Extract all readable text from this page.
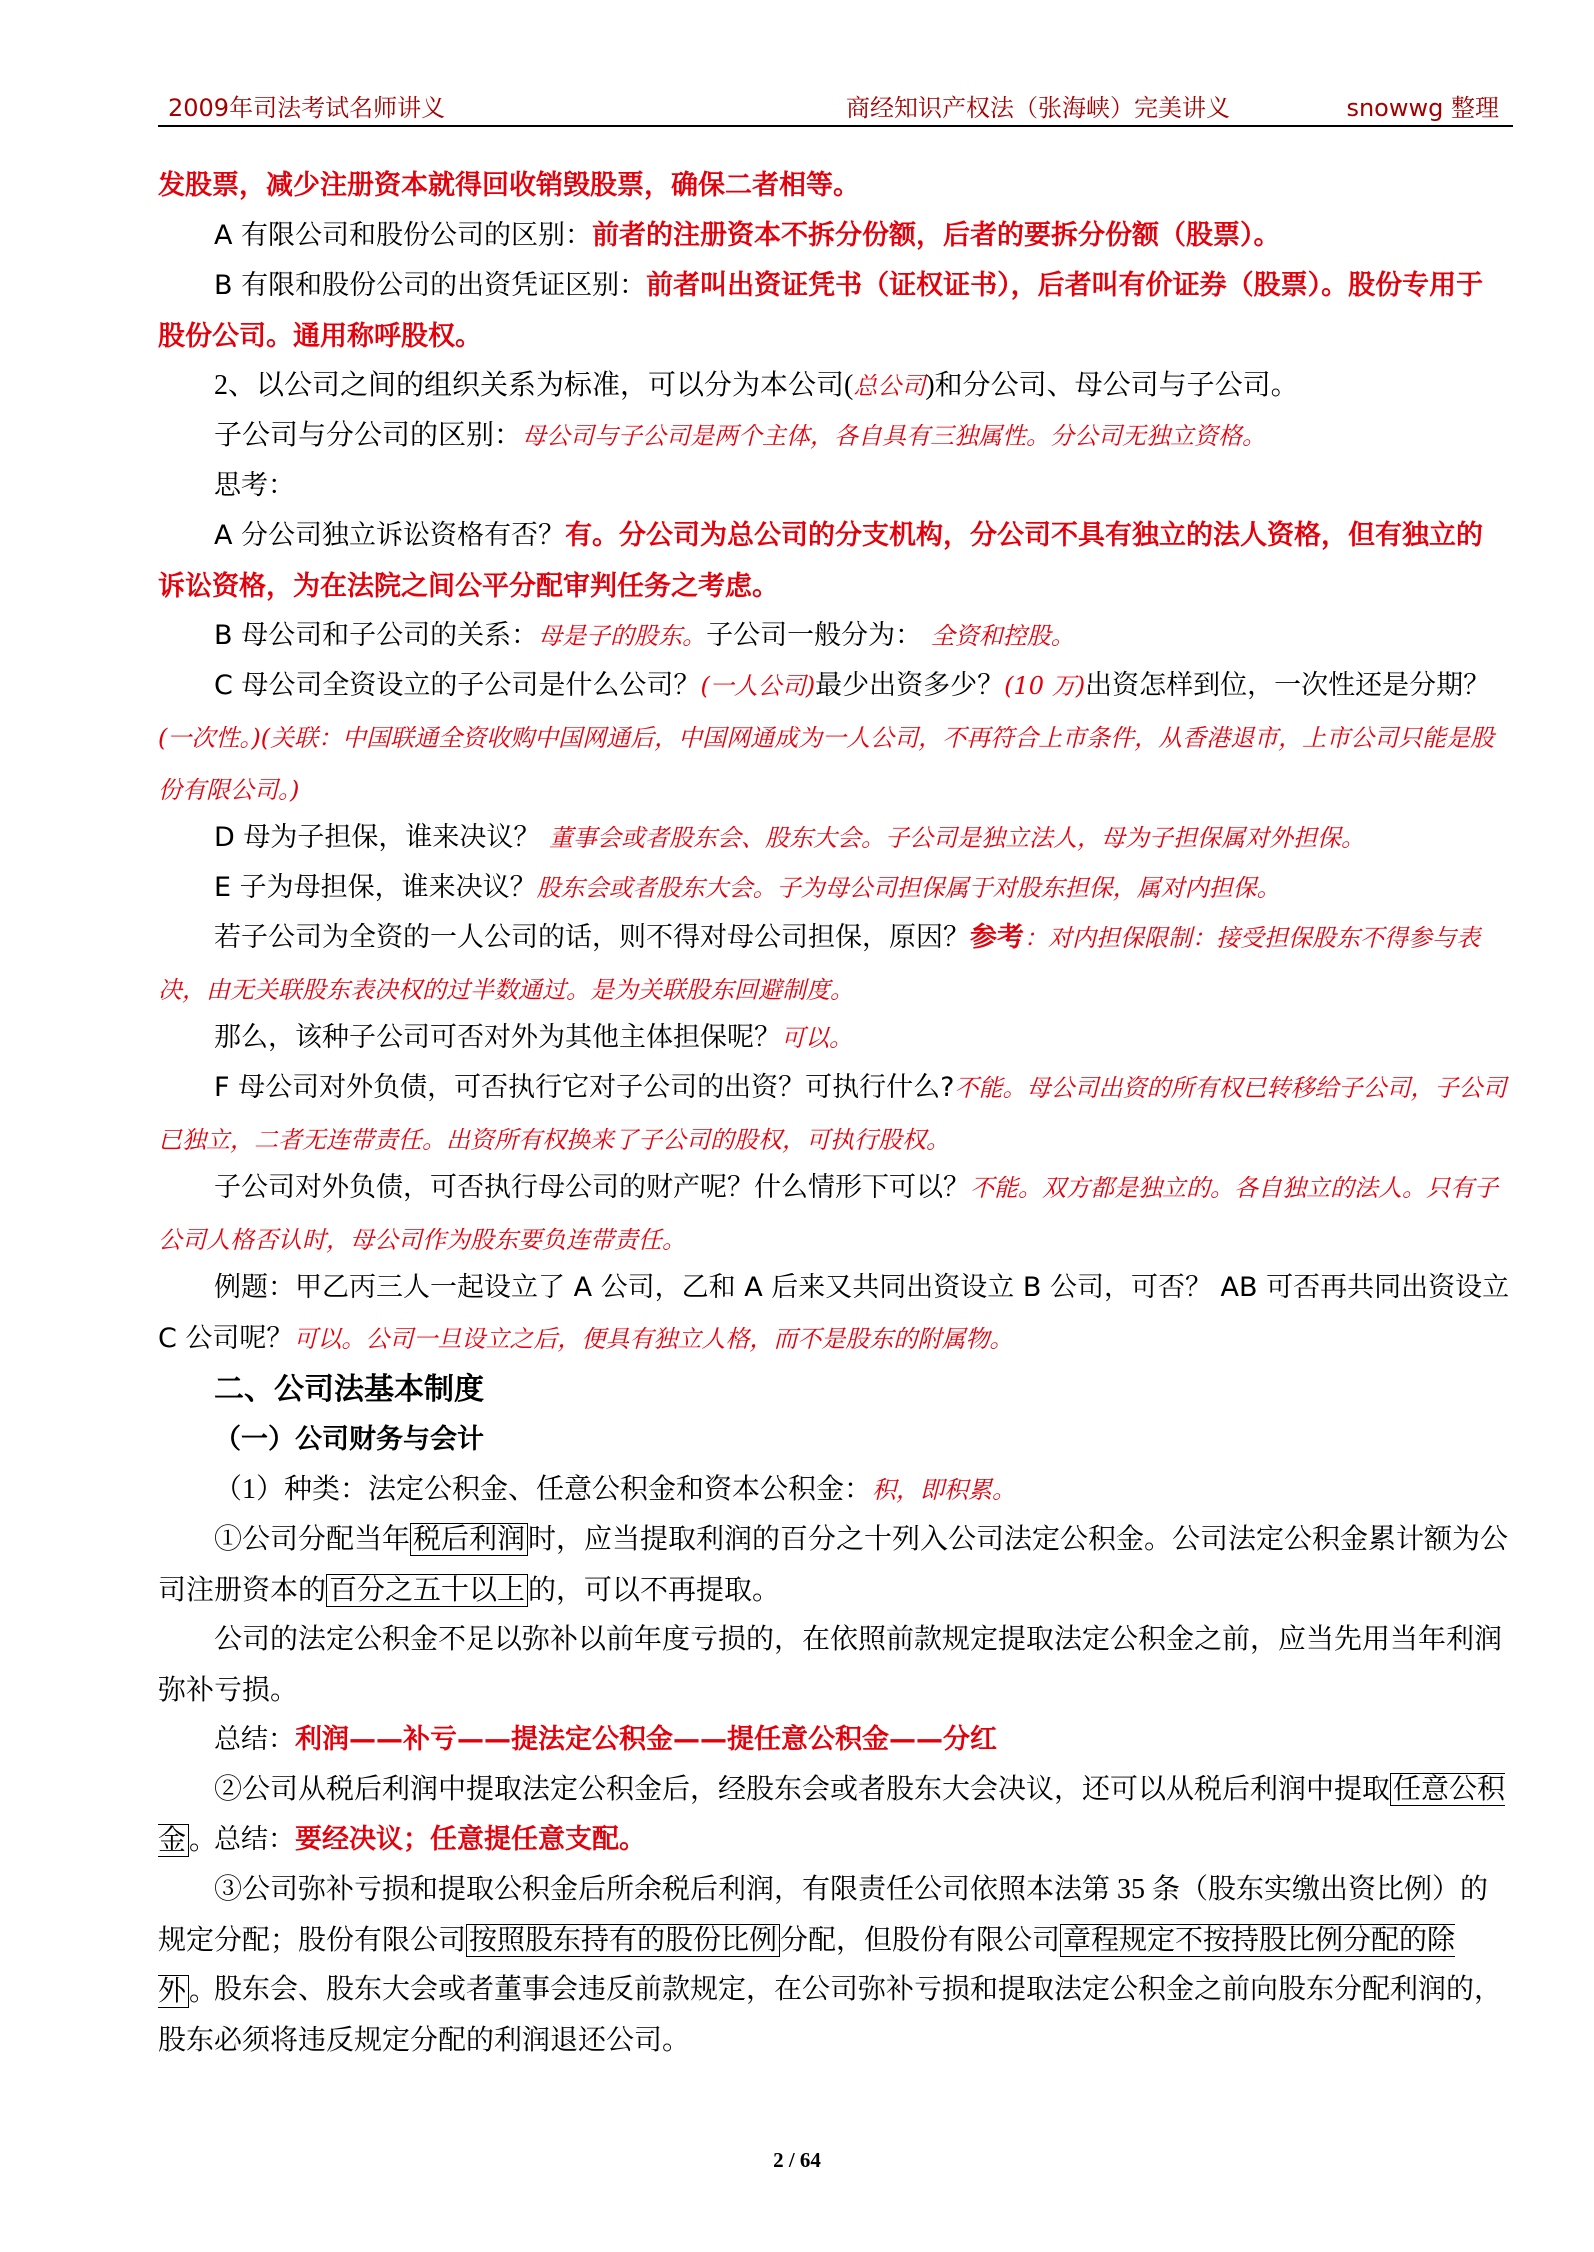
2009年司法考试名师讲义	商经知识产权法（张海峡）完美讲义	snowwg 整理

发股票，减少注册资本就得回收销毁股票，确保二者相等。

A 有限公司和股份公司的区别：前者的注册资本不拆分份额，后者的要拆分份额（股票）。

B 有限和股份公司的出资凭证区别：前者叫出资证凭书（证权证书），后者叫有价证券（股票）。股份专用于股份公司。通用称呼股权。

2、以公司之间的组织关系为标准，可以分为本公司(总公司)和分公司、母公司与子公司。

子公司与分公司的区别：母公司与子公司是两个主体，各自具有三独属性。分公司无独立资格。

思考：

A 分公司独立诉讼资格有否？有。分公司为总公司的分支机构，分公司不具有独立的法人资格，但有独立的诉讼资格，为在法院之间公平分配审判任务之考虑。

B 母公司和子公司的关系：母是子的股东。子公司一般分为： 全资和控股。

C 母公司全资设立的子公司是什么公司？(一人公司)最少出资多少？(10 万)出资怎样到位，一次性还是分期？(一次性。)(关联：中国联通全资收购中国网通后，中国网通成为一人公司，不再符合上市条件，从香港退市，上市公司只能是股份有限公司。)

D 母为子担保，谁来决议？ 董事会或者股东会、股东大会。子公司是独立法人，母为子担保属对外担保。

E 子为母担保，谁来决议？股东会或者股东大会。子为母公司担保属于对股东担保，属对内担保。

若子公司为全资的一人公司的话，则不得对母公司担保，原因？参考：对内担保限制：接受担保股东不得参与表决，由无关联股东表决权的过半数通过。是为关联股东回避制度。

那么，该种子公司可否对外为其他主体担保呢？可以。

F 母公司对外负债，可否执行它对子公司的出资？可执行什么?不能。母公司出资的所有权已转移给子公司，子公司已独立，二者无连带责任。出资所有权换来了子公司的股权，可执行股权。

子公司对外负债，可否执行母公司的财产呢？什么情形下可以？不能。双方都是独立的。各自独立的法人。只有子公司人格否认时，母公司作为股东要负连带责任。

例题：甲乙丙三人一起设立了 A 公司，乙和 A 后来又共同出资设立 B 公司，可否？ AB 可否再共同出资设立 C 公司呢？可以。公司一旦设立之后，便具有独立人格，而不是股东的附属物。

二、公司法基本制度

（一）公司财务与会计

（1）种类：法定公积金、任意公积金和资本公积金：积，即积累。

①公司分配当年 税后利润 时，应当提取利润的百分之十列入公司法定公积金。公司法定公积金累计额为公司注册资本的 百分之五十以上 的，可以不再提取。

公司的法定公积金不足以弥补以前年度亏损的，在依照前款规定提取法定公积金之前，应当先用当年利润弥补亏损。

总结：利润——补亏——提法定公积金——提任意公积金——分红

②公司从税后利润中提取法定公积金后，经股东会或者股东大会决议，还可以从税后利润中提取 任意公积金 。

总结：要经决议；任意提任意支配。

③公司弥补亏损和提取公积金后所余税后利润，有限责任公司依照本法第 35 条（股东实缴出资比例）的规定分配；股份有限公司 按照股东持有的股份比例 分配，但股份有限公司 章程规定不按持股比例分配的除外 。

股东会、股东大会或者董事会违反前款规定，在公司弥补亏损和提取法定公积金之前向股东分配利润的，股东必须将违反规定分配的利润退还公司。

2 / 64
